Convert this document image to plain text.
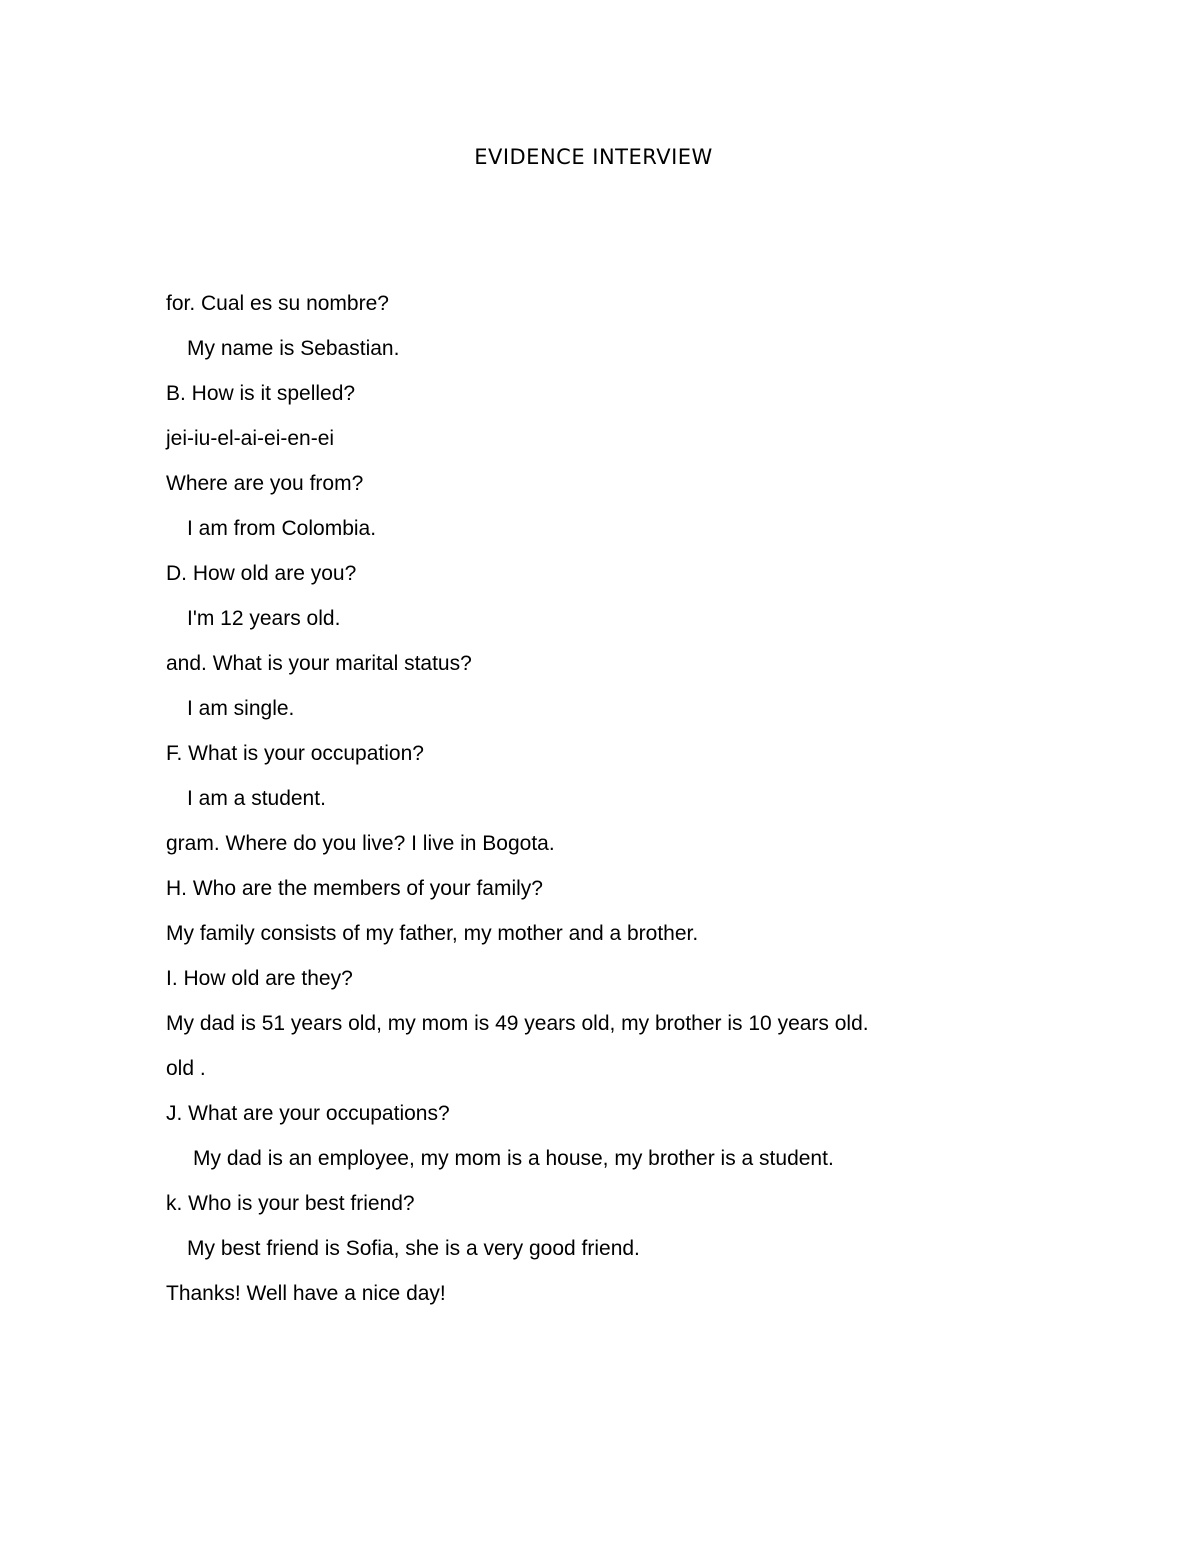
EVIDENCE INTERVIEW
for. Cual es su nombre?
My name is Sebastian.
B. How is it spelled?
jei-iu-el-ai-ei-en-ei
Where are you from?
I am from Colombia.
D. How old are you?
I'm 12 years old.
and. What is your marital status?
I am single.
F. What is your occupation?
I am a student.
gram. Where do you live? I live in Bogota.
H. Who are the members of your family?
My family consists of my father, my mother and a brother.
I. How old are they?
My dad is 51 years old, my mom is 49 years old, my brother is 10 years old.
old .
J. What are your occupations?
My dad is an employee, my mom is a house, my brother is a student.
k. Who is your best friend?
My best friend is Sofia, she is a very good friend.
Thanks! Well have a nice day!
